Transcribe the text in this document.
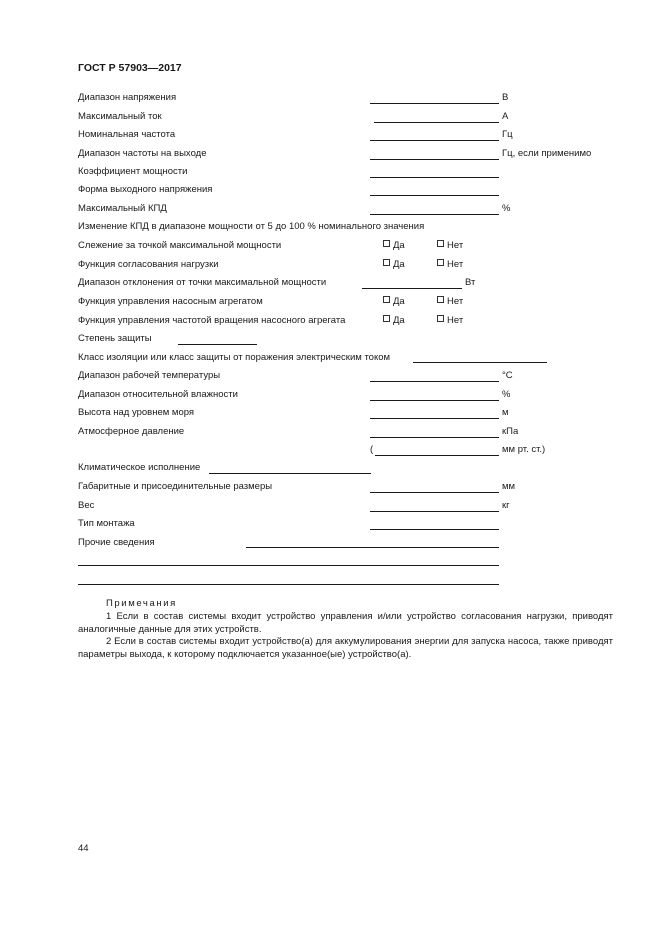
ГОСТ Р 57903—2017
Диапазон напряжения	В
Максимальный ток	А
Номинальная частота	Гц
Диапазон частоты на выходе	Гц, если применимо
Коэффициент мощности
Форма выходного напряжения
Максимальный КПД	%
Изменение КПД в диапазоне мощности от 5 до 100 % номинального значения
Слежение за точкой максимальной мощности	Да	Нет
Функция согласования нагрузки	Да	Нет
Диапазон отклонения от точки максимальной мощности	Вт
Функция управления насосным агрегатом	Да	Нет
Функция управления частотой вращения насосного агрегата	Да	Нет
Степень защиты
Класс изоляции или класс защиты от поражения электрическим током
Диапазон рабочей температуры	°С
Диапазон относительной влажности	%
Высота над уровнем моря	м
Атмосферное давление	кПа
(	мм рт. ст.)
Климатическое исполнение
Габаритные и присоединительные размеры	мм
Вес	кг
Тип монтажа
Прочие сведения
Примечания
1 Если в состав системы входит устройство управления и/или устройство согласования нагрузки, приводят аналогичные данные для этих устройств.
2 Если в состав системы входит устройство(а) для аккумулирования энергии для запуска насоса, также приводят параметры выхода, к которому подключается указанное(ые) устройство(а).
44
